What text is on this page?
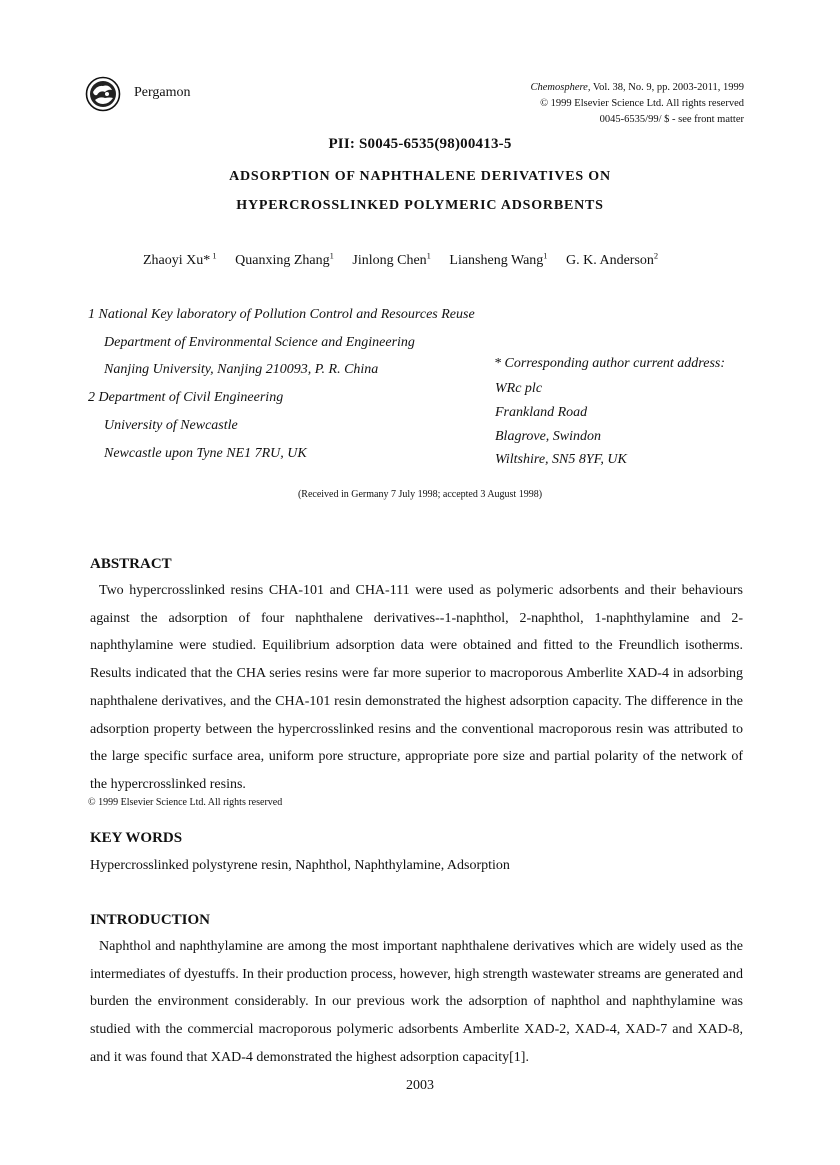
Pergamon	Chemosphere, Vol. 38, No. 9, pp. 2003-2011, 1999
© 1999 Elsevier Science Ltd. All rights reserved
0045-6535/99/ $ - see front matter
PII: S0045-6535(98)00413-5
ADSORPTION OF NAPHTHALENE DERIVATIVES ON
HYPERCROSSLINKED POLYMERIC ADSORBENTS
Zhaoyi Xu* $^1$ Quanxing Zhang$^1$ Jinlong Chen$^1$ Liansheng Wang$^1$ G. K. Anderson$^2$
1 National Key laboratory of Pollution Control and Resources Reuse
Department of Environmental Science and Engineering
Nanjing University, Nanjing 210093, P. R. China
2 Department of Civil Engineering
University of Newcastle
Newcastle upon Tyne NE1 7RU, UK
* Corresponding author current address:
WRc plc
Frankland Road
Blagrove, Swindon
Wiltshire, SN5 8YF, UK
(Received in Germany 7 July 1998; accepted 3 August 1998)
ABSTRACT

Two hypercrosslinked resins CHA-101 and CHA-111 were used as polymeric adsorbents and their behaviours against the adsorption of four naphthalene derivatives--1-naphthol, 2-naphthol, 1-naphthylamine and 2-naphthylamine were studied. Equilibrium adsorption data were obtained and fitted to the Freundlich isotherms. Results indicated that the CHA series resins were far more superior to macroporous Amberlite XAD-4 in adsorbing naphthalene derivatives, and the CHA-101 resin demonstrated the highest adsorption capacity. The difference in the adsorption property between the hypercrosslinked resins and the conventional macroporous resin was attributed to the large specific surface area, uniform pore structure, appropriate pore size and partial polarity of the network of the hypercrosslinked resins.

© 1999 Elsevier Science Ltd. All rights reserved
KEY WORDS
Hypercrosslinked polystyrene resin, Naphthol, Naphthylamine, Adsorption
INTRODUCTION

Naphthol and naphthylamine are among the most important naphthalene derivatives which are widely used as the intermediates of dyestuffs. In their production process, however, high strength wastewater streams are generated and burden the environment considerably. In our previous work the adsorption of naphthol and naphthylamine was studied with the commercial macroporous polymeric adsorbents Amberlite XAD-2, XAD-4, XAD-7 and XAD-8, and it was found that XAD-4 demonstrated the highest adsorption capacity[1].

2003
